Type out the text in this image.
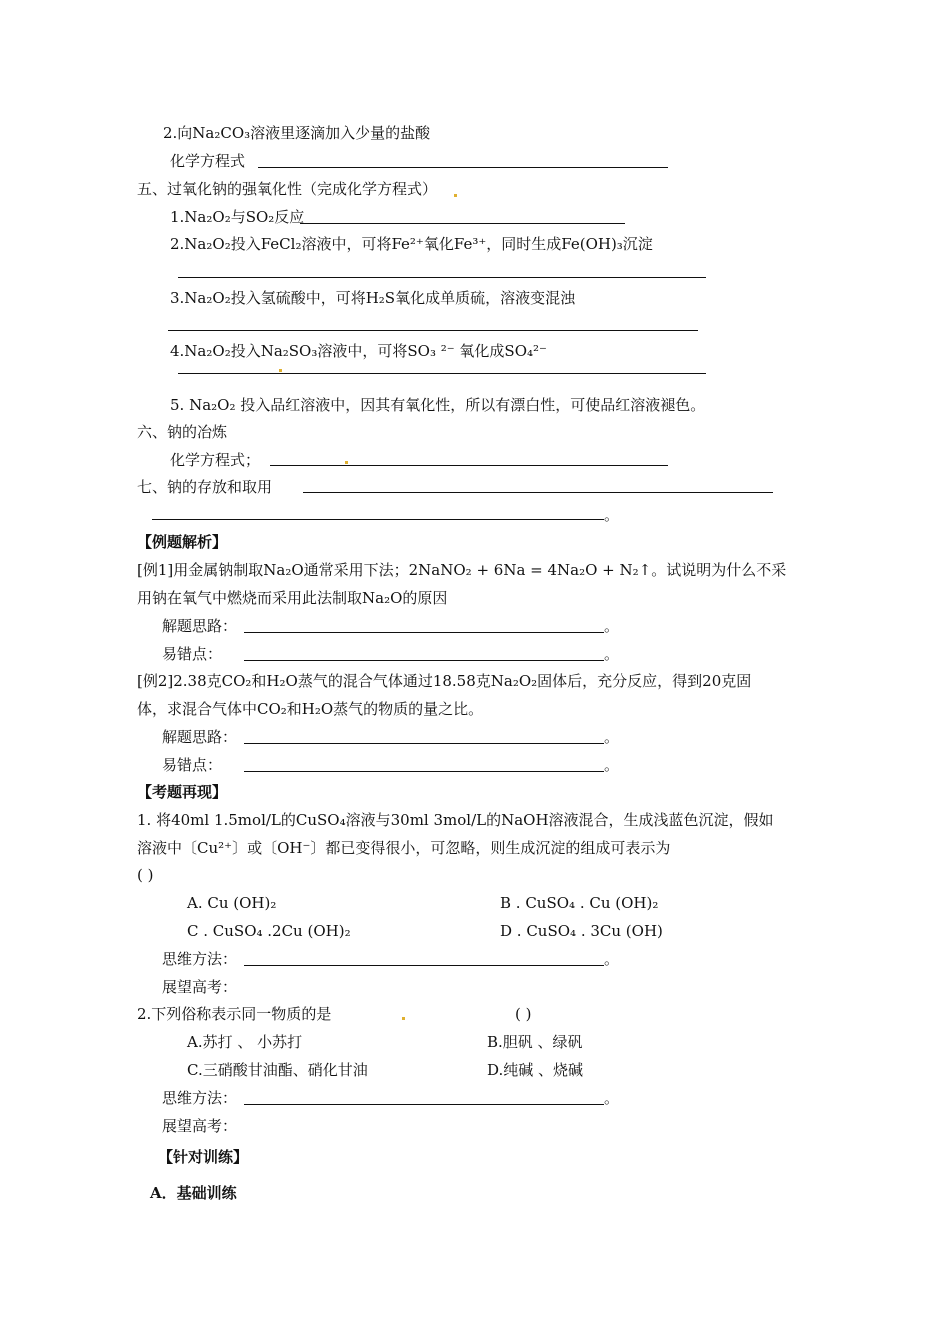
2.向Na₂CO₃溶液里逐滴加入少量的盐酸
化学方程式
五、过氧化钠的强氧化性（完成化学方程式）
1.Na₂O₂与SO₂反应
2.Na₂O₂投入FeCl₂溶液中，可将Fe²⁺氧化Fe³⁺，同时生成Fe(OH)₃沉淀
3.Na₂O₂投入氢硫酸中，可将H₂S氧化成单质硫，溶液变混浊
4.Na₂O₂投入Na₂SO₃溶液中，可将SO₃ ²⁻ 氧化成SO₄²⁻
5. Na₂O₂ 投入品红溶液中，因其有氧化性，所以有漂白性，可使品红溶液褪色。
六、钠的冶炼
化学方程式；
七、钠的存放和取用
。
【例题解析】
[例1]用金属钠制取Na₂O通常采用下法；2NaNO₂ + 6Na = 4Na₂O + N₂↑。试说明为什么不采
用钠在氧气中燃烧而采用此法制取Na₂O的原因
解题思路：	。
易错点：	。
[例2]2.38克CO₂和H₂O蒸气的混合气体通过18.58克Na₂O₂固体后，充分反应，得到20克固
体，求混合气体中CO₂和H₂O蒸气的物质的量之比。
解题思路：	。
易错点：	。
【考题再现】
1. 将40ml 1.5mol/L的CuSO₄溶液与30ml 3mol/L的NaOH溶液混合，生成浅蓝色沉淀，假如
溶液中〔Cu²⁺〕或〔OH⁻〕都已变得很小，可忽略，则生成沉淀的组成可表示为
( )
A. Cu (OH)₂	B . CuSO₄ . Cu (OH)₂
C . CuSO₄ .2Cu (OH)₂	D . CuSO₄ . 3Cu (OH)
思维方法：	。
展望高考：
2.下列俗称表示同一物质的是	( )
A.苏打 、 小苏打	B.胆矾 、绿矾
C.三硝酸甘油酯、硝化甘油	D.纯碱 、烧碱
思维方法：	。
展望高考：
【针对训练】
A．基础训练
